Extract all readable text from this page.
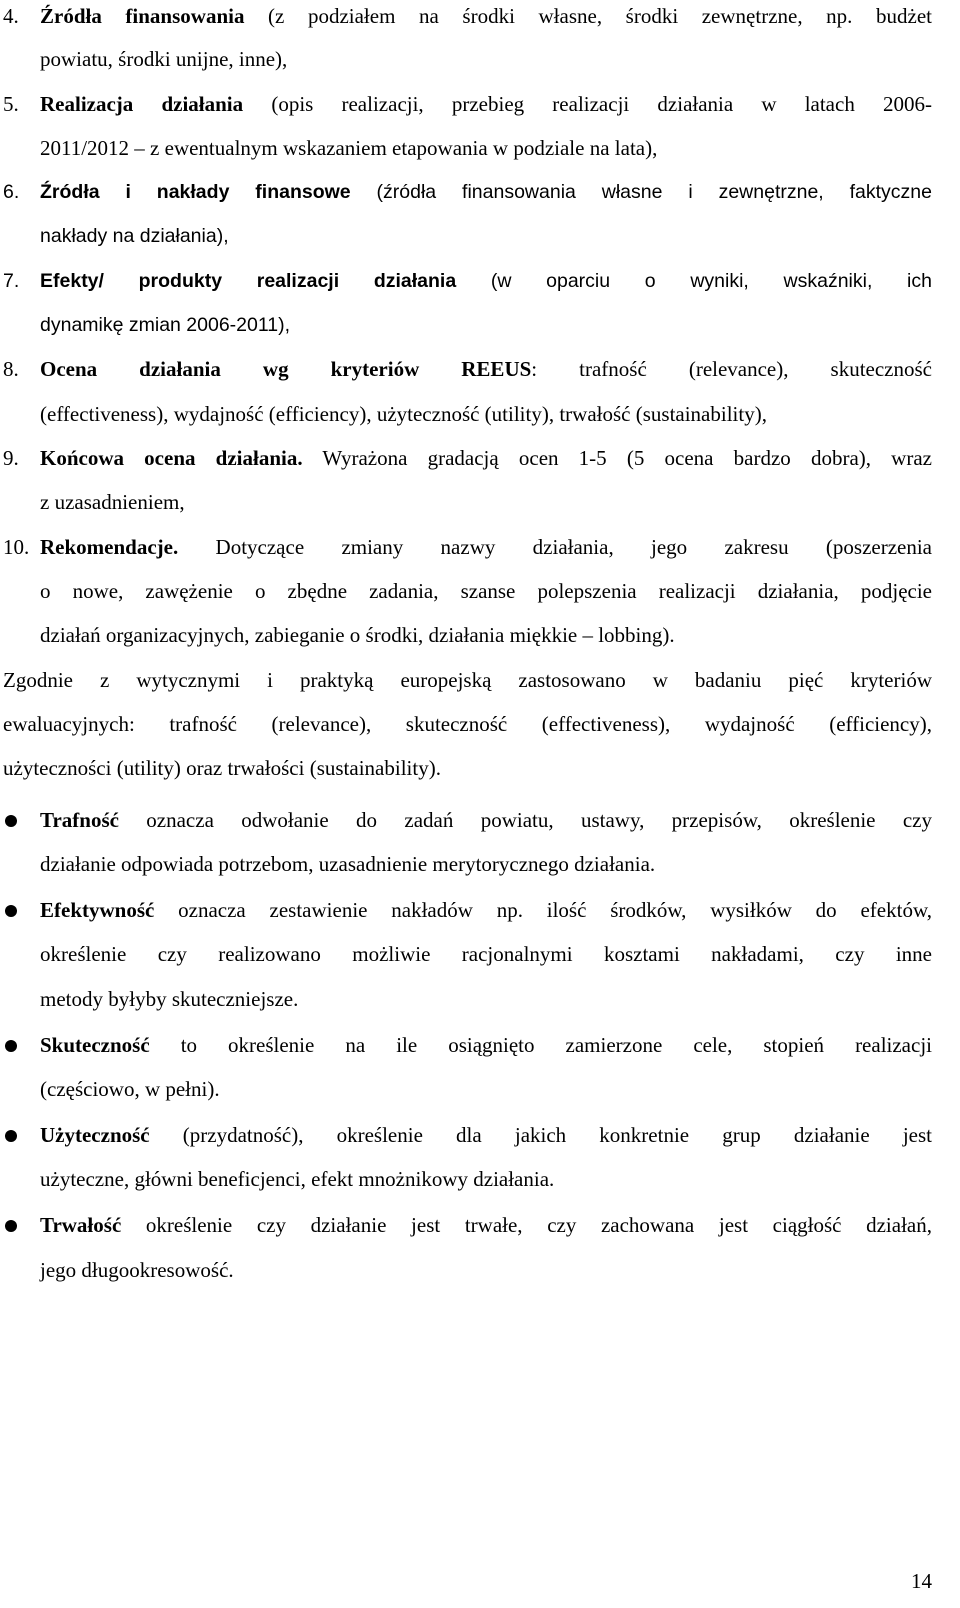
4. Źródła finansowania (z podziałem na środki własne, środki zewnętrzne, np. budżet
powiatu, środki unijne, inne),
5. Realizacja działania (opis realizacji, przebieg realizacji działania w latach 2006-
2011/2012 – z ewentualnym wskazaniem etapowania w podziale na lata),
6. Źródła i nakłady finansowe (źródła finansowania własne i zewnętrzne, faktyczne
nakłady na działania),
7. Efekty/ produkty realizacji działania (w oparciu o wyniki, wskaźniki, ich
dynamikę zmian 2006-2011),
8. Ocena działania wg kryteriów REEUS: trafność (relevance), skuteczność
(effectiveness), wydajność (efficiency), użyteczność (utility), trwałość (sustainability),
9. Końcowa ocena działania. Wyrażona gradacją ocen 1-5 (5 ocena bardzo dobra), wraz
z uzasadnieniem,
10. Rekomendacje. Dotyczące zmiany nazwy działania, jego zakresu (poszerzenia
o nowe, zawężenie o zbędne zadania, szanse polepszenia realizacji działania, podjęcie
działań organizacyjnych, zabieganie o środki, działania miękkie – lobbing).
Zgodnie z wytycznymi i praktyką europejską zastosowano w badaniu pięć kryteriów
ewaluacyjnych: trafność (relevance), skuteczność (effectiveness), wydajność (efficiency),
użyteczności (utility) oraz trwałości (sustainability).
Trafność oznacza odwołanie do zadań powiatu, ustawy, przepisów, określenie czy
działanie odpowiada potrzebom, uzasadnienie merytorycznego działania.
Efektywność oznacza zestawienie nakładów np. ilość środków, wysiłków do efektów,
określenie czy realizowano możliwie racjonalnymi kosztami nakładami, czy inne
metody byłyby skuteczniejsze.
Skuteczność to określenie na ile osiągnięto zamierzone cele, stopień realizacji
(częściowo, w pełni).
Użyteczność (przydatność), określenie dla jakich konkretnie grup działanie jest
użyteczne, główni beneficjenci, efekt mnożnikowy działania.
Trwałość określenie czy działanie jest trwałe, czy zachowana jest ciągłość działań,
jego długookresowość.
14
